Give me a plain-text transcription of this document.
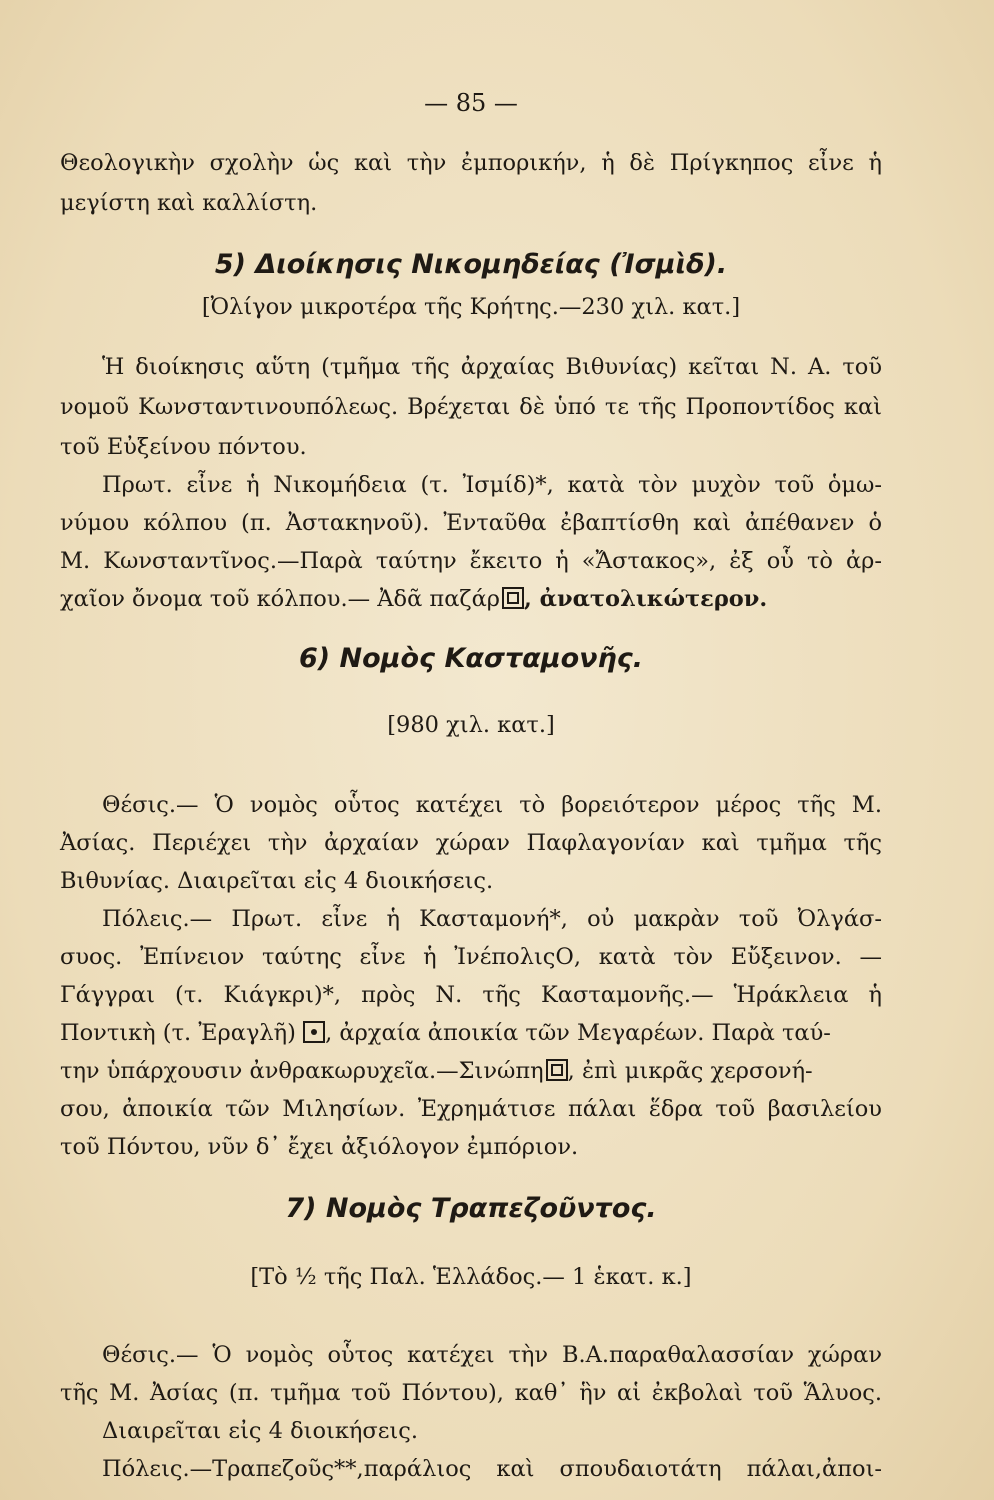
— 85 —
Θεολογικὴν σχολὴν ὡς καὶ τὴν ἐμπορικήν, ἡ δὲ Πρίγκηπος εἶνε ἡ
μεγίστη καὶ καλλίστη.
5) Διοίκησις Νικομηδείας (Ἰσμὶδ).
[Ὀλίγον μικροτέρα τῆς Κρήτης.—230 χιλ. κατ.]
Ἡ διοίκησις αὕτη (τμῆμα τῆς ἀρχαίας Βιθυνίας) κεῖται Ν. Α. τοῦ
νομοῦ Κωνσταντινουπόλεως. Βρέχεται δὲ ὑπό τε τῆς Προποντίδος καὶ
τοῦ Εὐξείνου πόντου.
Πρωτ. εἶνε ἡ Νικομήδεια (τ. Ἰσμίδ)*, κατὰ τὸν μυχὸν τοῦ ὁμω-
νύμου κόλπου (π. Ἀστακηνοῦ). Ἐνταῦθα ἐβαπτίσθη καὶ ἀπέθανεν ὁ
Μ. Κωνσταντῖνος.—Παρὰ ταύτην ἔκειτο ἡ «Ἄστακος», ἐξ οὗ τὸ ἀρ-
χαῖον ὄνομα τοῦ κόλπου.— Ἀδᾶ παζάρ , ἀνατολικώτερον.
6) Νομὸς Κασταμονῆς.
[980 χιλ. κατ.]
Θέσις.— Ὁ νομὸς οὗτος κατέχει τὸ βορειότερον μέρος τῆς Μ.
Ἀσίας. Περιέχει τὴν ἀρχαίαν χώραν Παφλαγονίαν καὶ τμῆμα τῆς
Βιθυνίας. Διαιρεῖται εἰς 4 διοικήσεις.
Πόλεις.— Πρωτ. εἶνε ἡ Κασταμονή*, οὐ μακρὰν τοῦ Ὀλγάσ-
συος. Ἐπίνειον ταύτης εἶνε ἡ ἸνέπολιςΟ, κατὰ τὸν Εὔξεινον. —
Γάγγραι (τ. Κιάγκρι)*, πρὸς Ν. τῆς Κασταμονῆς.— Ἡράκλεια ἡ
Ποντικὴ (τ. Ἐραγλῆ) , ἀρχαία ἀποικία τῶν Μεγαρέων. Παρὰ ταύ-
την ὑπάρχουσιν ἀνθρακωρυχεῖα.—Σινώπη , ἐπὶ μικρᾶς χερσονή-
σου, ἀποικία τῶν Μιλησίων. Ἐχρημάτισε πάλαι ἕδρα τοῦ βασιλείου
τοῦ Πόντου, νῦν δ᾽ ἔχει ἀξιόλογον ἐμπόριον.
7) Νομὸς Τραπεζοῦντος.
[Τὸ ½ τῆς Παλ. Ἑλλάδος.— 1 ἑκατ. κ.]
Θέσις.— Ὁ νομὸς οὗτος κατέχει τὴν Β.Α.παραθαλασσίαν χώραν
τῆς Μ. Ἀσίας (π. τμῆμα τοῦ Πόντου), καθ᾽ ἣν αἱ ἐκβολαὶ τοῦ Ἅλυος.
Διαιρεῖται εἰς 4 διοικήσεις.
Πόλεις.—Τραπεζοῦς**,παράλιος καὶ σπουδαιοτάτη πάλαι,ἀποι-
